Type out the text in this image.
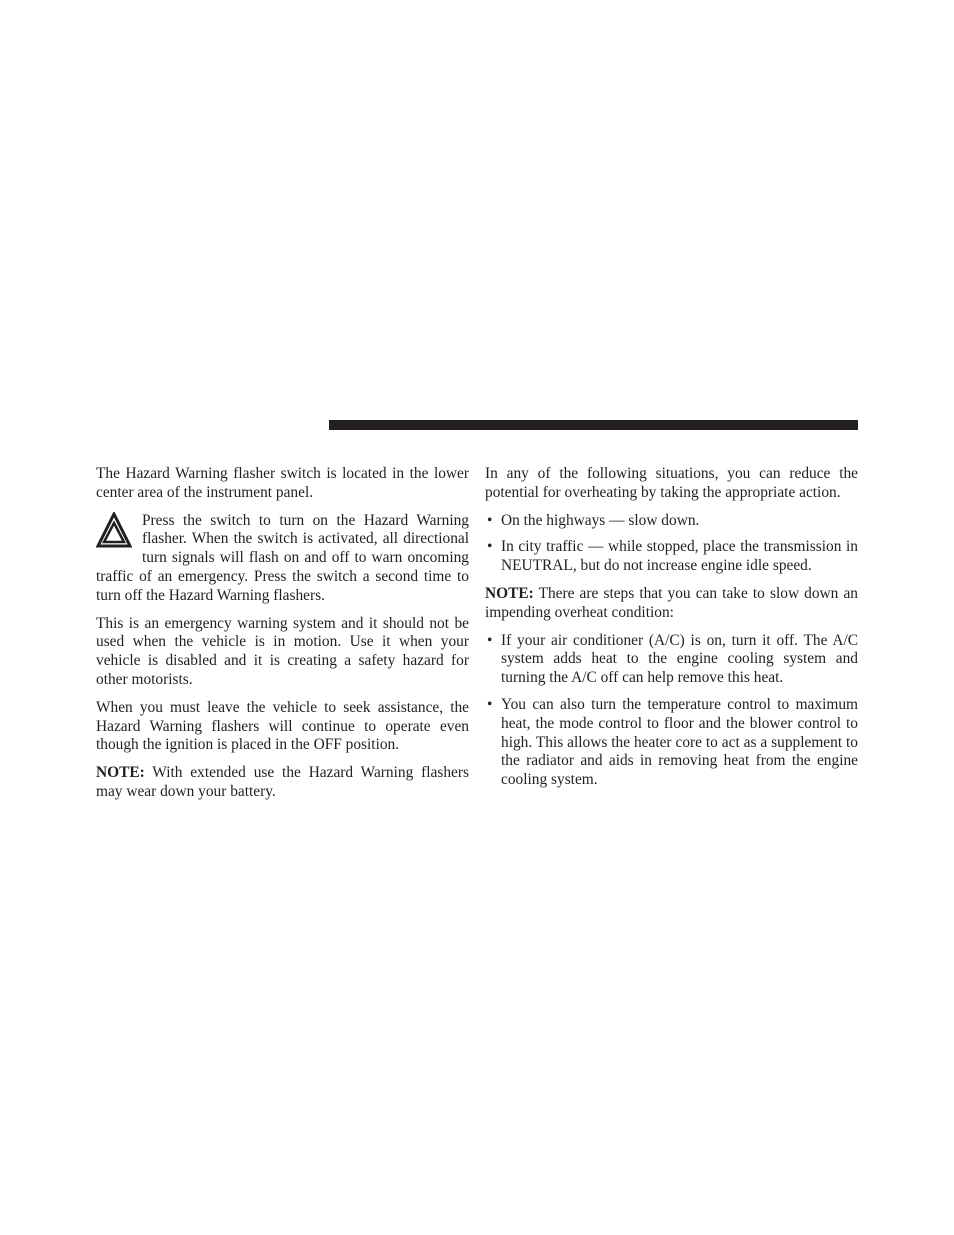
The Hazard Warning flasher switch is located in the lower center area of the instrument panel.

Press the switch to turn on the Hazard Warning flasher. When the switch is activated, all directional turn signals will flash on and off to warn oncoming traffic of an emergency. Press the switch a second time to turn off the Hazard Warning flashers.

This is an emergency warning system and it should not be used when the vehicle is in motion. Use it when your vehicle is disabled and it is creating a safety hazard for other motorists.

When you must leave the vehicle to seek assistance, the Hazard Warning flashers will continue to operate even though the ignition is placed in the OFF position.

NOTE: With extended use the Hazard Warning flashers may wear down your battery.

In any of the following situations, you can reduce the potential for overheating by taking the appropriate action.

• On the highways — slow down.
• In city traffic — while stopped, place the transmission in NEUTRAL, but do not increase engine idle speed.

NOTE: There are steps that you can take to slow down an impending overheat condition:

• If your air conditioner (A/C) is on, turn it off. The A/C system adds heat to the engine cooling system and turning the A/C off can help remove this heat.
• You can also turn the temperature control to maximum heat, the mode control to floor and the blower control to high. This allows the heater core to act as a supplement to the radiator and aids in removing heat from the engine cooling system.
